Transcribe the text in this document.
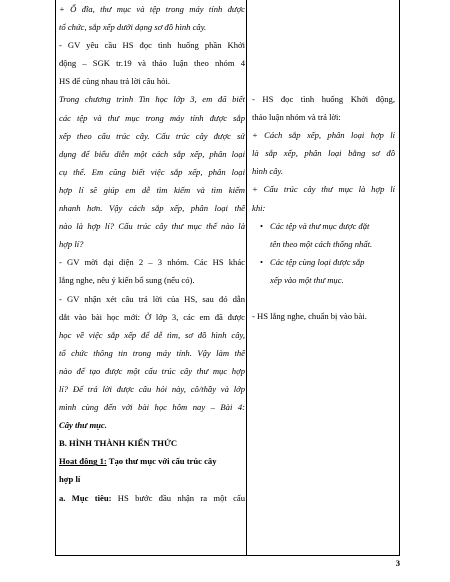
+ Ổ đĩa, thư mục và tệp trong máy tính được
tổ chức, sắp xếp dưới dạng sơ đồ hình cây.
- GV yêu cầu HS đọc tình huống phần Khởi
động – SGK tr.19 và thảo luận theo nhóm 4
HS để cùng nhau trả lời câu hỏi.
Trong chương trình Tin học lớp 3, em đã biết
các tệp và thư mục trong máy tính được sắp
xếp theo cấu trúc cây. Cấu trúc cây được sử
dụng để biểu diễn một cách sắp xếp, phân loại
cụ thể. Em cũng biết việc sắp xếp, phân loại
hợp lí sẽ giúp em dễ tìm kiếm và tìm kiếm
nhanh hơn. Vậy cách sắp xếp, phân loại thế
nào là hợp lí? Cấu trúc cây thư mục thế nào là
hợp lí?
- GV mời đại diện 2 – 3 nhóm. Các HS khác
lắng nghe, nêu ý kiến bổ sung (nếu có).
- GV nhận xét câu trả lời của HS, sau đó dẫn
dắt vào bài học mới: Ở lớp 3, các em đã được
học về việc sắp xếp để dễ tìm, sơ đồ hình cây,
tổ chức thông tin trong máy tính. Vậy làm thế
nào để tạo được một cấu trúc cây thư mục hợp
lí? Để trả lời được câu hỏi này, cô/thầy và lớp
mình cùng đến với bài học hôm nay – Bài 4:
Cây thư mục.
B. HÌNH THÀNH KIẾN THỨC
Hoạt động 1: Tạo thư mục với cấu trúc cây
hợp lí
a. Mục tiêu: HS bước đầu nhận ra một cấu
- HS đọc tình huống Khởi động,
thảo luận nhóm và trả lời:
+ Cách sắp xếp, phân loại hợp lí
là sắp xếp, phân loại bằng sơ đồ
hình cây.
+ Cấu trúc cây thư mục là hợp lí
khi:
• Các tệp và thư mục được đặt
tên theo một cách thống nhất.
• Các tệp cùng loại được sắp
xếp vào một thư mục.
- HS lắng nghe, chuẩn bị vào bài.
3
